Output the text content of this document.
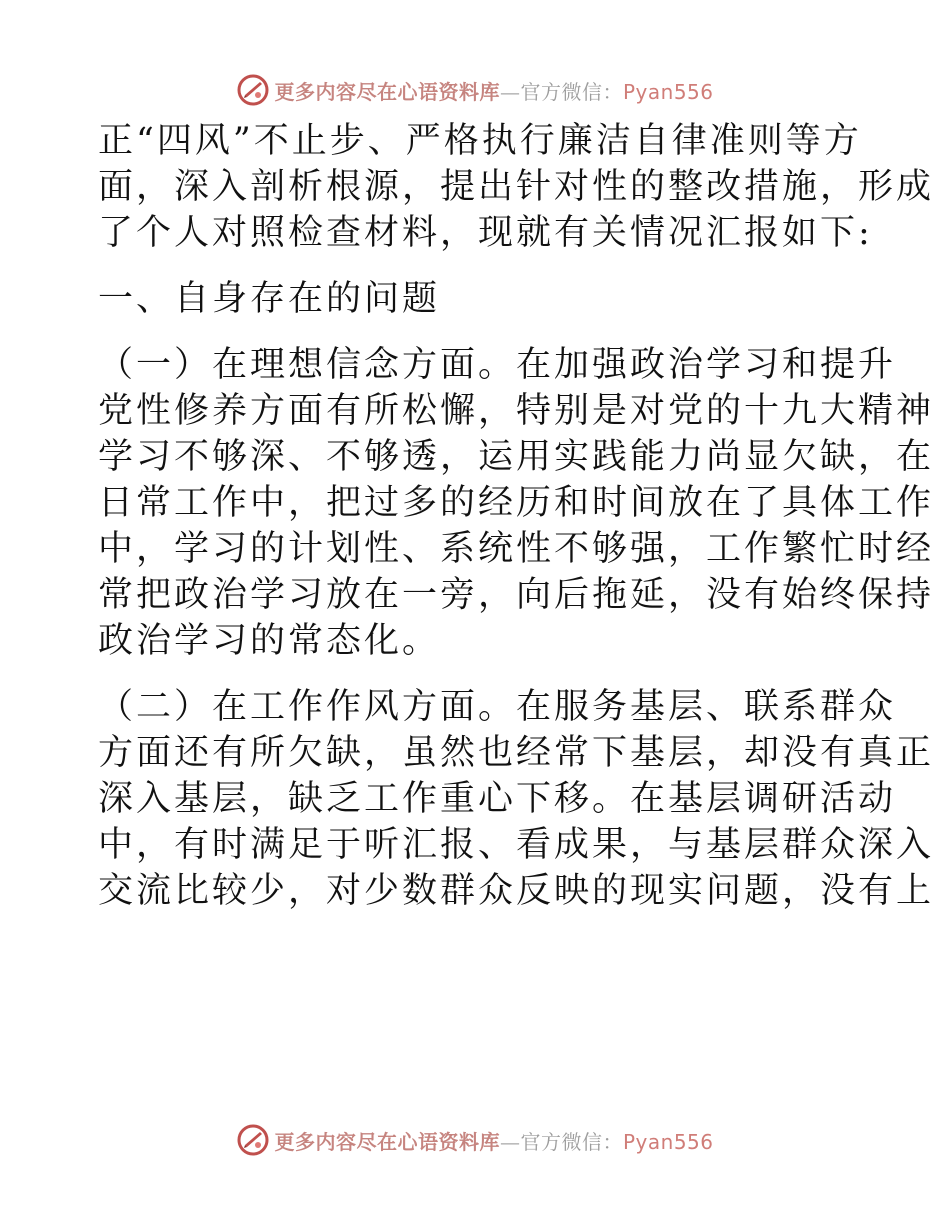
更多内容尽在心语资料库—官方微信：Pyan556
正“四风”不止步、严格执行廉洁自律准则等方
面，深入剖析根源，提出针对性的整改措施，形成
了个人对照检查材料，现就有关情况汇报如下:
一、自身存在的问题
（一）在理想信念方面。在加强政治学习和提升
党性修养方面有所松懈，特别是对党的十九大精神
学习不够深、不够透，运用实践能力尚显欠缺，在
日常工作中，把过多的经历和时间放在了具体工作
中，学习的计划性、系统性不够强，工作繁忙时经
常把政治学习放在一旁，向后拖延，没有始终保持
政治学习的常态化。
（二）在工作作风方面。在服务基层、联系群众
方面还有所欠缺，虽然也经常下基层，却没有真正
深入基层，缺乏工作重心下移。在基层调研活动
中，有时满足于听汇报、看成果，与基层群众深入
交流比较少，对少数群众反映的现实问题，没有上
更多内容尽在心语资料库—官方微信：Pyan556
